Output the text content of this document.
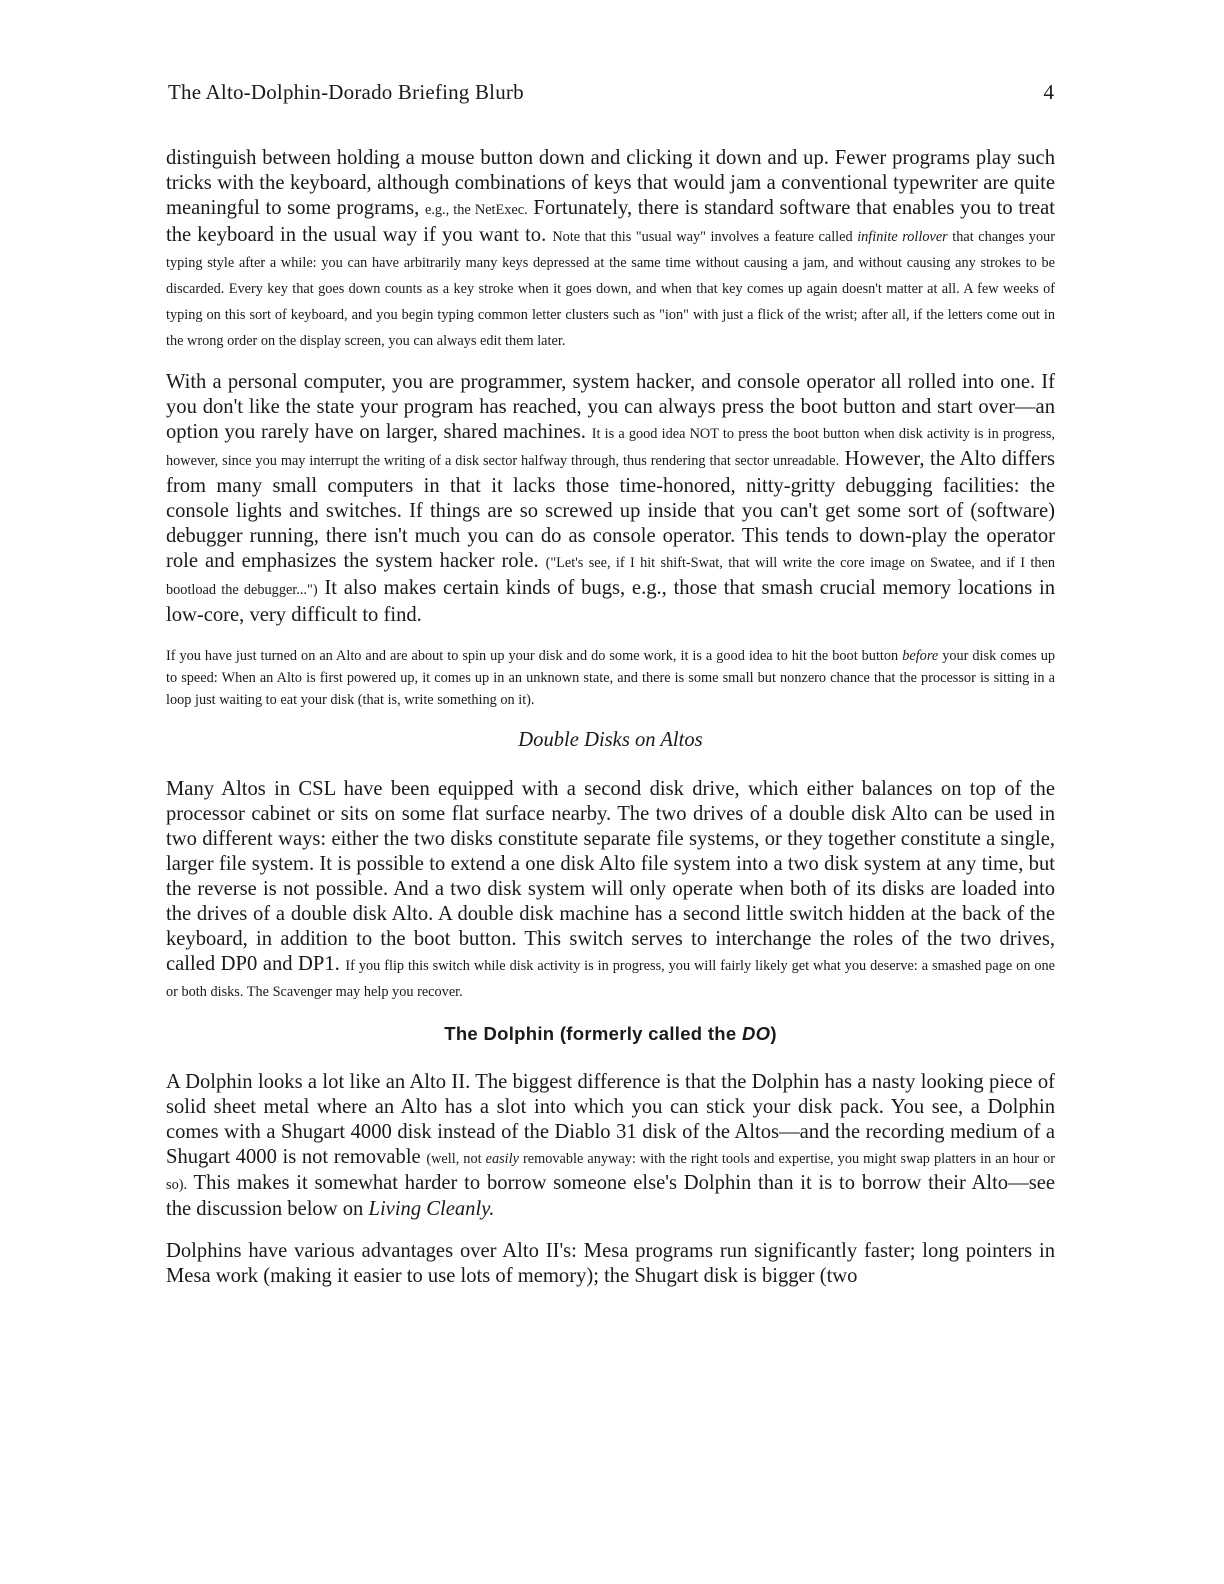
The Alto-Dolphin-Dorado Briefing Blurb	4

distinguish between holding a mouse button down and clicking it down and up. Fewer programs play such tricks with the keyboard, although combinations of keys that would jam a conventional typewriter are quite meaningful to some programs, e.g., the NetExec. Fortunately, there is standard software that enables you to treat the keyboard in the usual way if you want to. Note that this "usual way" involves a feature called infinite rollover that changes your typing style after a while: you can have arbitrarily many keys depressed at the same time without causing a jam, and without causing any strokes to be discarded. Every key that goes down counts as a key stroke when it goes down, and when that key comes up again doesn't matter at all. A few weeks of typing on this sort of keyboard, and you begin typing common letter clusters such as "ion" with just a flick of the wrist; after all, if the letters come out in the wrong order on the display screen, you can always edit them later.

With a personal computer, you are programmer, system hacker, and console operator all rolled into one. If you don't like the state your program has reached, you can always press the boot button and start over—an option you rarely have on larger, shared machines. It is a good idea NOT to press the boot button when disk activity is in progress, however, since you may interrupt the writing of a disk sector halfway through, thus rendering that sector unreadable. However, the Alto differs from many small computers in that it lacks those time-honored, nitty-gritty debugging facilities: the console lights and switches. If things are so screwed up inside that you can't get some sort of (software) debugger running, there isn't much you can do as console operator. This tends to down-play the operator role and emphasizes the system hacker role. ("Let's see, if I hit shift-Swat, that will write the core image on Swatee, and if I then bootload the debugger...") It also makes certain kinds of bugs, e.g., those that smash crucial memory locations in low-core, very difficult to find.

If you have just turned on an Alto and are about to spin up your disk and do some work, it is a good idea to hit the boot button before your disk comes up to speed: When an Alto is first powered up, it comes up in an unknown state, and there is some small but nonzero chance that the processor is sitting in a loop just waiting to eat your disk (that is, write something on it).

Double Disks on Altos

Many Altos in CSL have been equipped with a second disk drive, which either balances on top of the processor cabinet or sits on some flat surface nearby. The two drives of a double disk Alto can be used in two different ways: either the two disks constitute separate file systems, or they together constitute a single, larger file system. It is possible to extend a one disk Alto file system into a two disk system at any time, but the reverse is not possible. And a two disk system will only operate when both of its disks are loaded into the drives of a double disk Alto. A double disk machine has a second little switch hidden at the back of the keyboard, in addition to the boot button. This switch serves to interchange the roles of the two drives, called DP0 and DP1. If you flip this switch while disk activity is in progress, you will fairly likely get what you deserve: a smashed page on one or both disks. The Scavenger may help you recover.

The Dolphin (formerly called the DO)

A Dolphin looks a lot like an Alto II. The biggest difference is that the Dolphin has a nasty looking piece of solid sheet metal where an Alto has a slot into which you can stick your disk pack. You see, a Dolphin comes with a Shugart 4000 disk instead of the Diablo 31 disk of the Altos—and the recording medium of a Shugart 4000 is not removable (well, not easily removable anyway: with the right tools and expertise, you might swap platters in an hour or so). This makes it somewhat harder to borrow someone else's Dolphin than it is to borrow their Alto—see the discussion below on Living Cleanly.

Dolphins have various advantages over Alto II's: Mesa programs run significantly faster; long pointers in Mesa work (making it easier to use lots of memory); the Shugart disk is bigger (two
